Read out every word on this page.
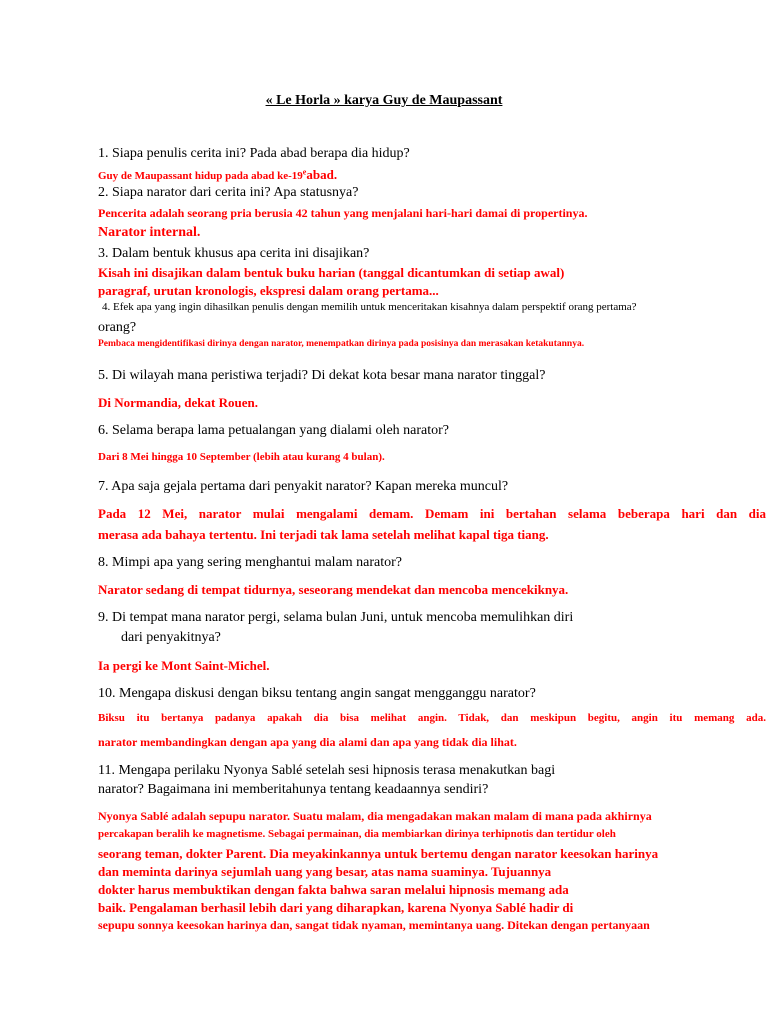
« Le Horla » karya Guy de Maupassant
1. Siapa penulis cerita ini? Pada abad berapa dia hidup?
Guy de Maupassant hidup pada abad ke-19eabad.
2. Siapa narator dari cerita ini? Apa statusnya?
Pencerita adalah seorang pria berusia 42 tahun yang menjalani hari-hari damai di propertinya.
Narator internal.
3. Dalam bentuk khusus apa cerita ini disajikan?
Kisah ini disajikan dalam bentuk buku harian (tanggal dicantumkan di setiap awal)
paragraf, urutan kronologis, ekspresi dalam orang pertama...
4. Efek apa yang ingin dihasilkan penulis dengan memilih untuk menceritakan kisahnya dalam perspektif orang pertama?
orang?
Pembaca mengidentifikasi dirinya dengan narator, menempatkan dirinya pada posisinya dan merasakan ketakutannya.
5. Di wilayah mana peristiwa terjadi? Di dekat kota besar mana narator tinggal?
Di Normandia, dekat Rouen.
6. Selama berapa lama petualangan yang dialami oleh narator?
Dari 8 Mei hingga 10 September (lebih atau kurang 4 bulan).
7. Apa saja gejala pertama dari penyakit narator? Kapan mereka muncul?
Pada 12 Mei, narator mulai mengalami demam. Demam ini bertahan selama beberapa hari dan dia
merasa ada bahaya tertentu. Ini terjadi tak lama setelah melihat kapal tiga tiang.
8. Mimpi apa yang sering menghantui malam narator?
Narator sedang di tempat tidurnya, seseorang mendekat dan mencoba mencekiknya.
9. Di tempat mana narator pergi, selama bulan Juni, untuk mencoba memulihkan diri
dari penyakitnya?
Ia pergi ke Mont Saint-Michel.
10. Mengapa diskusi dengan biksu tentang angin sangat mengganggu narator?
Biksu itu bertanya padanya apakah dia bisa melihat angin. Tidak, dan meskipun begitu, angin itu memang ada.
narator membandingkan dengan apa yang dia alami dan apa yang tidak dia lihat.
11. Mengapa perilaku Nyonya Sablé setelah sesi hipnosis terasa menakutkan bagi
narator? Bagaimana ini memberitahunya tentang keadaannya sendiri?
Nyonya Sablé adalah sepupu narator. Suatu malam, dia mengadakan makan malam di mana pada akhirnya
percakapan beralih ke magnetisme. Sebagai permainan, dia membiarkan dirinya terhipnotis dan tertidur oleh
seorang teman, dokter Parent. Dia meyakinkannya untuk bertemu dengan narator keesokan harinya
dan meminta darinya sejumlah uang yang besar, atas nama suaminya. Tujuannya
dokter harus membuktikan dengan fakta bahwa saran melalui hipnosis memang ada
baik. Pengalaman berhasil lebih dari yang diharapkan, karena Nyonya Sablé hadir di
sepupu sonnya keesokan harinya dan, sangat tidak nyaman, memintanya uang. Ditekan dengan pertanyaan
